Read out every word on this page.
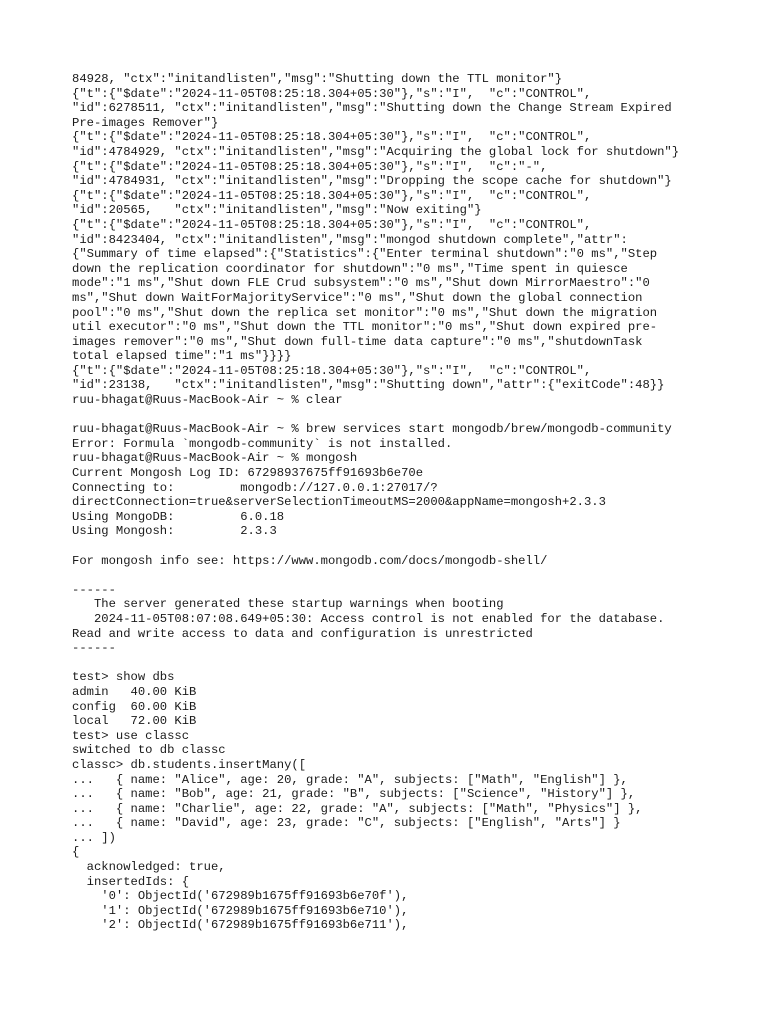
84928, "ctx":"initandlisten","msg":"Shutting down the TTL monitor"}
{"t":{"$date":"2024-11-05T08:25:18.304+05:30"},"s":"I",  "c":"CONTROL",
"id":6278511, "ctx":"initandlisten","msg":"Shutting down the Change Stream Expired
Pre-images Remover"}
{"t":{"$date":"2024-11-05T08:25:18.304+05:30"},"s":"I",  "c":"CONTROL",
"id":4784929, "ctx":"initandlisten","msg":"Acquiring the global lock for shutdown"}
{"t":{"$date":"2024-11-05T08:25:18.304+05:30"},"s":"I",  "c":"-",
"id":4784931, "ctx":"initandlisten","msg":"Dropping the scope cache for shutdown"}
{"t":{"$date":"2024-11-05T08:25:18.304+05:30"},"s":"I",  "c":"CONTROL",
"id":20565,   "ctx":"initandlisten","msg":"Now exiting"}
{"t":{"$date":"2024-11-05T08:25:18.304+05:30"},"s":"I",  "c":"CONTROL",
"id":8423404, "ctx":"initandlisten","msg":"mongod shutdown complete","attr":
{"Summary of time elapsed":{"Statistics":{"Enter terminal shutdown":"0 ms","Step
down the replication coordinator for shutdown":"0 ms","Time spent in quiesce
mode":"1 ms","Shut down FLE Crud subsystem":"0 ms","Shut down MirrorMaestro":"0
ms","Shut down WaitForMajorityService":"0 ms","Shut down the global connection
pool":"0 ms","Shut down the replica set monitor":"0 ms","Shut down the migration
util executor":"0 ms","Shut down the TTL monitor":"0 ms","Shut down expired pre-
images remover":"0 ms","Shut down full-time data capture":"0 ms","shutdownTask
total elapsed time":"1 ms"}}}}
{"t":{"$date":"2024-11-05T08:25:18.304+05:30"},"s":"I",  "c":"CONTROL",
"id":23138,   "ctx":"initandlisten","msg":"Shutting down","attr":{"exitCode":48}}
ruu-bhagat@Ruus-MacBook-Air ~ % clear
ruu-bhagat@Ruus-MacBook-Air ~ % brew services start mongodb/brew/mongodb-community
Error: Formula `mongodb-community` is not installed.
ruu-bhagat@Ruus-MacBook-Air ~ % mongosh
Current Mongosh Log ID: 67298937675ff91693b6e70e
Connecting to:         mongodb://127.0.0.1:27017/?
directConnection=true&serverSelectionTimeoutMS=2000&appName=mongosh+2.3.3
Using MongoDB:         6.0.18
Using Mongosh:         2.3.3
For mongosh info see: https://www.mongodb.com/docs/mongodb-shell/
------
The server generated these startup warnings when booting
2024-11-05T08:07:08.649+05:30: Access control is not enabled for the database.
Read and write access to data and configuration is unrestricted
------
test> show dbs
admin   40.00 KiB
config  60.00 KiB
local   72.00 KiB
test> use classc
switched to db classc
classc> db.students.insertMany([
...   { name: "Alice", age: 20, grade: "A", subjects: ["Math", "English"] },
...   { name: "Bob", age: 21, grade: "B", subjects: ["Science", "History"] },
...   { name: "Charlie", age: 22, grade: "A", subjects: ["Math", "Physics"] },
...   { name: "David", age: 23, grade: "C", subjects: ["English", "Arts"] }
... ])
{
acknowledged: true,
insertedIds: {
'0': ObjectId('672989b1675ff91693b6e70f'),
'1': ObjectId('672989b1675ff91693b6e710'),
'2': ObjectId('672989b1675ff91693b6e711'),
